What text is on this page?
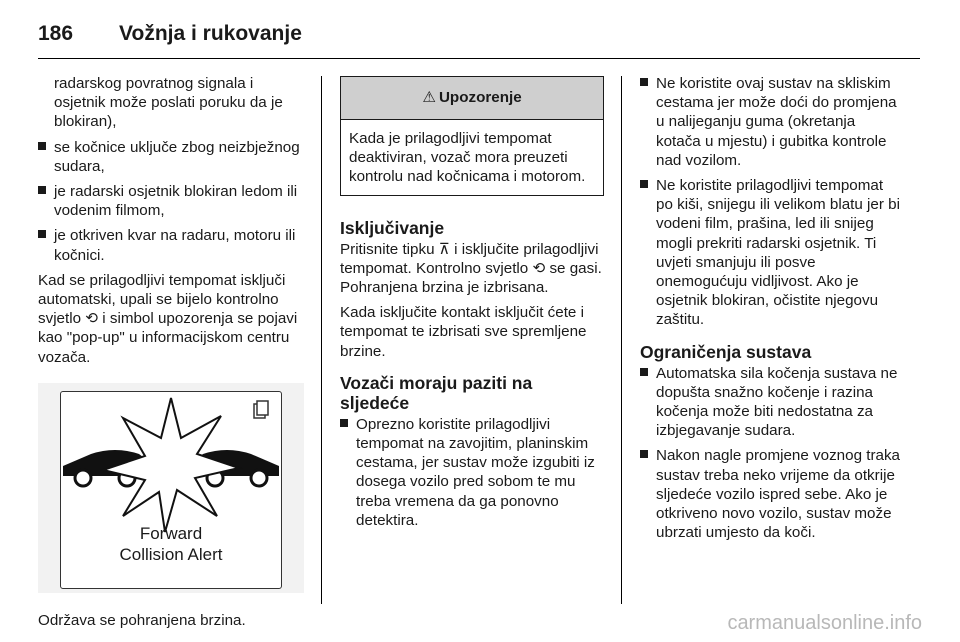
186 Vožnja i rukovanje

radarskog povratnog signala i osjetnik može poslati poruku da je blokiran),

se kočnice uključe zbog neizbježnog sudara,
je radarski osjetnik blokiran ledom ili vodenim filmom,
je otkriven kvar na radaru, motoru ili kočnici.

Kad se prilagodljivi tempomat isključi automatski, upali se bijelo kontrolno svjetlo ⟲ i simbol upozorenja se pojavi kao "pop-up" u informacijskom centru vozača.

Forward
Collision Alert

Održava se pohranjena brzina.

⚠ Upozorenje
Kada je prilagodljivi tempomat deaktiviran, vozač mora preuzeti kontrolu nad kočnicama i motorom.
Isključivanje

Pritisnite tipku ⊼ i isključite prilagodljivi tempomat. Kontrolno svjetlo ⟲ se gasi. Pohranjena brzina je izbrisana.

Kada isključite kontakt isključit ćete i tempomat te izbrisati sve spremljene brzine.

Vozači moraju paziti na sljedeće
Oprezno koristite prilagodljivi tempomat na zavojitim, planinskim cestama, jer sustav može izgubiti iz dosega vozilo pred sobom te mu treba vremena da ga ponovno detektira.
Ne koristite ovaj sustav na skliskim cestama jer može doći do promjena u nalijeganju guma (okretanja kotača u mjestu) i gubitka kontrole nad vozilom.
Ne koristite prilagodljivi tempomat po kiši, snijegu ili velikom blatu jer bi vodeni film, prašina, led ili snijeg mogli prekriti radarski osjetnik. Ti uvjeti smanjuju ili posve onemogućuju vidljivost. Ako je osjetnik blokiran, očistite njegovu zaštitu.
Ograničenja sustava
Automatska sila kočenja sustava ne dopušta snažno kočenje i razina kočenja može biti nedostatna za izbjegavanje sudara.
Nakon nagle promjene voznog traka sustav treba neko vrijeme da otkrije sljedeće vozilo ispred sebe. Ako je otkriveno novo vozilo, sustav može ubrzati umjesto da koči.
carmanualsonline.info
